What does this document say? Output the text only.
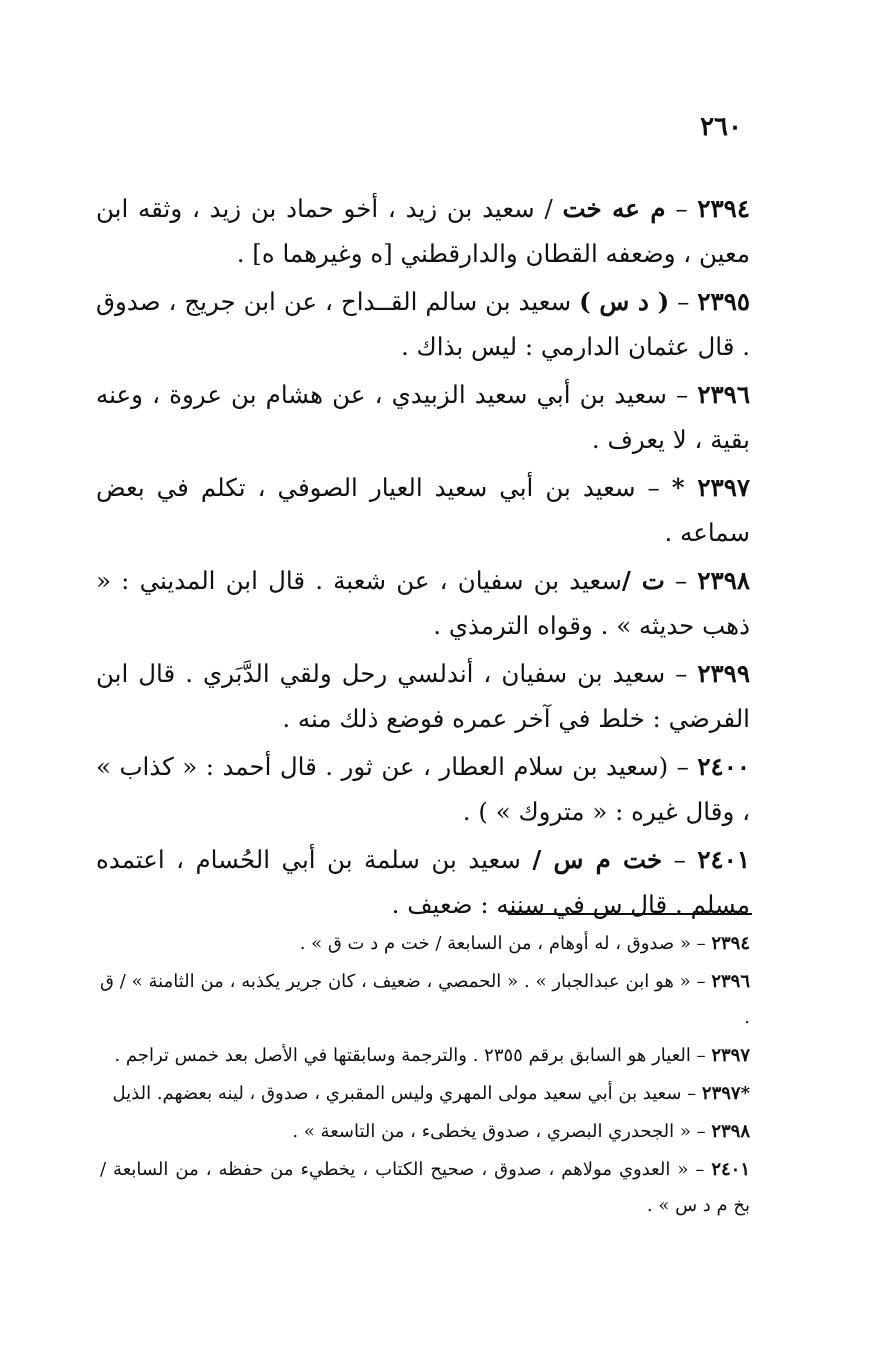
٢٦٠

٢٣٩٤ – م عه خت / سعيد بن زيد ، أخو حماد بن زيد ، وثقه ابن معين ، وضعفه القطان والدارقطني [ه وغيرهما ه] .

٢٣٩٥ – ( د س ) سعيد بن سالم القــداح ، عن ابن جريج ، صدوق . قال عثمان الدارمي : ليس بذاك .

٢٣٩٦ – سعيد بن أبي سعيد الزبيدي ، عن هشام بن عروة ، وعنه بقية ، لا يعرف .

٢٣٩٧ * – سعيد بن أبي سعيد العيار الصوفي ، تكلم في بعض سماعه .

٢٣٩٨ – ت /سعيد بن سفيان ، عن شعبة . قال ابن المديني : « ذهب حديثه » . وقواه الترمذي .

٢٣٩٩ – سعيد بن سفيان ، أندلسي رحل ولقي الدَّبَري . قال ابن الفرضي : خلط في آخر عمره فوضع ذلك منه .

٢٤٠٠ – (سعيد بن سلام العطار ، عن ثور . قال أحمد : « كذاب » ، وقال غيره : « متروك » ) .

٢٤٠١ – خت م س / سعيد بن سلمة بن أبي الحُسام ، اعتمده مسلم . قال س في سننه : ضعيف .

٢٣٩٤ – « صدوق ، له أوهام ، من السابعة / خت م د ت ق » .

٢٣٩٦ – « هو ابن عبدالجبار » . « الحمصي ، ضعيف ، كان جرير يكذبه ، من الثامنة » / ق .

٢٣٩٧ – العيار هو السابق برقم ٢٣٥٥ . والترجمة وسابقتها في الأصل بعد خمس تراجم .

*٢٣٩٧ – سعيد بن أبي سعيد مولى المهري وليس المقبري ، صدوق ، لينه بعضهم. الذيل

٢٣٩٨ – « الجحدري البصري ، صدوق يخطىء ، من التاسعة » .

٢٤٠١ – « العدوي مولاهم ، صدوق ، صحيح الكتاب ، يخطيء من حفظه ، من السابعة / بخ م د س » .
